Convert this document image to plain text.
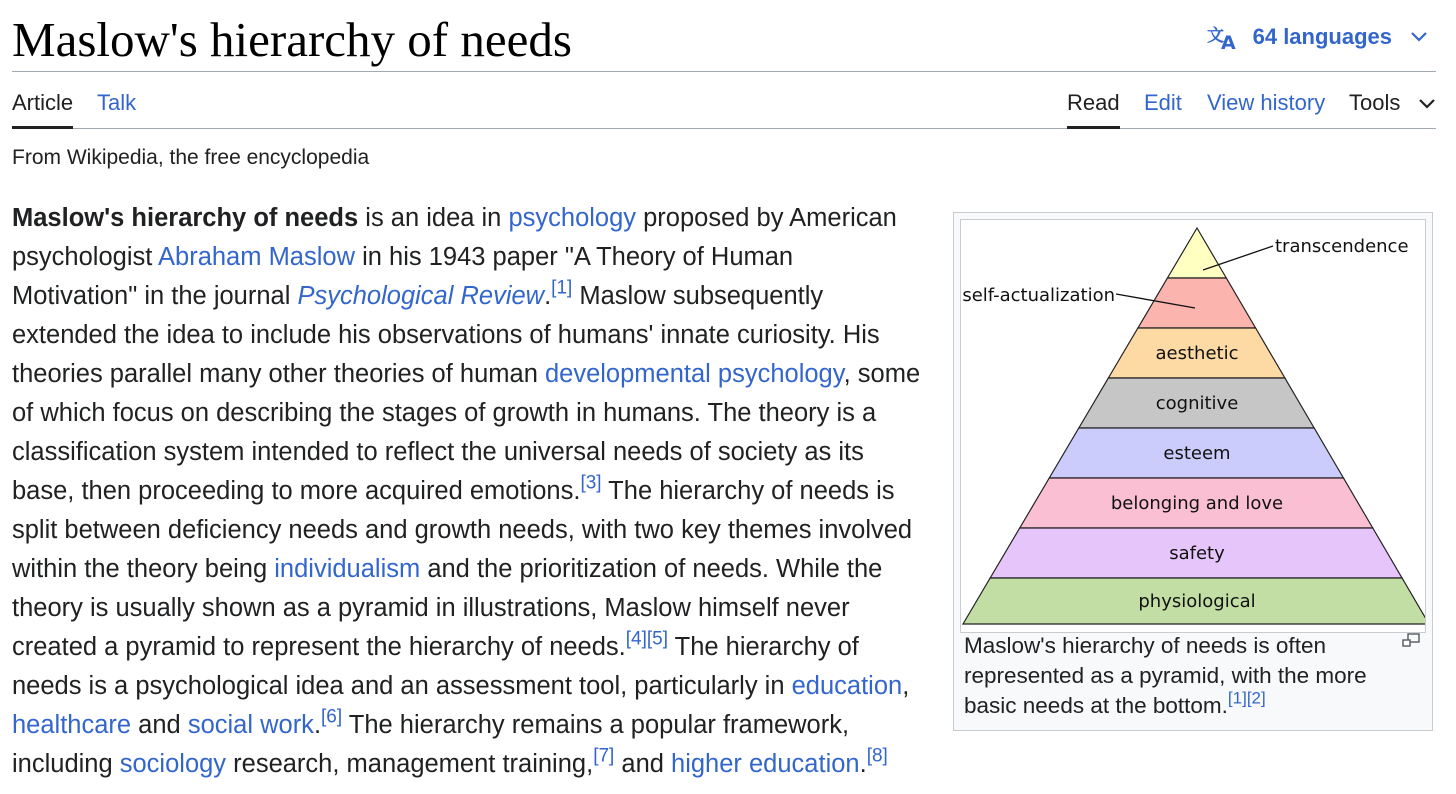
Maslow's hierarchy of needs	文
A 64 languages
Article Talk	Read Edit View history Tools
From Wikipedia, the free encyclopedia

Maslow's hierarchy of needs is an idea in psychology proposed by American psychologist Abraham Maslow in his 1943 paper "A Theory of Human Motivation" in the journal Psychological Review.[1] Maslow subsequently extended the idea to include his observations of humans' innate curiosity. His theories parallel many other theories of human developmental psychology, some of which focus on describing the stages of growth in humans. The theory is a classification system intended to reflect the universal needs of society as its base, then proceeding to more acquired emotions.[3] The hierarchy of needs is split between deficiency needs and growth needs, with two key themes involved within the theory being individualism and the prioritization of needs. While the theory is usually shown as a pyramid in illustrations, Maslow himself never created a pyramid to represent the hierarchy of needs.[4][5] The hierarchy of needs is a psychological idea and an assessment tool, particularly in education, healthcare and social work.[6] The hierarchy remains a popular framework, including sociology research, management training,[7] and higher education.[8]

transcendence
self-actualization
aesthetic
cognitive
esteem
belonging and love
safety
physiological
Maslow's hierarchy of needs is often represented as a pyramid, with the more basic needs at the bottom.[1][2]
